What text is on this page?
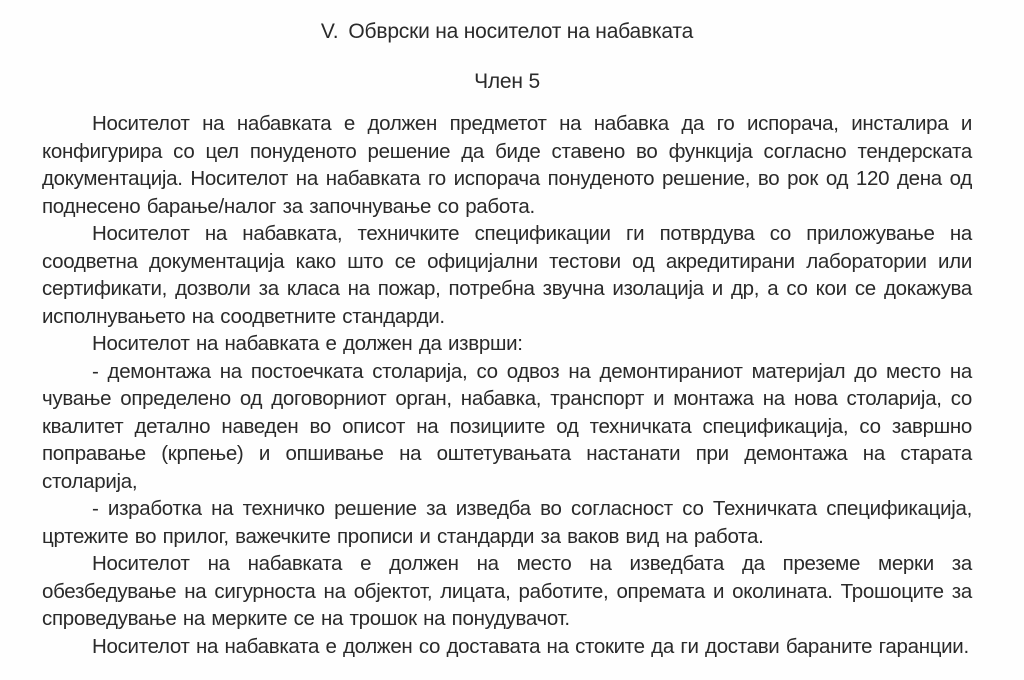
V. Обврски на носителот на набавката
Член 5

Носителот на набавката е должен предметот на набавка да го испорача, инсталира и конфигурира со цел понуденото решение да биде ставено во функција согласно тендерската документација. Носителот на набавката го испорача понуденото решение, во рок од 120 дена од поднесено барање/налог за започнување со работа.

Носителот на набавката, техничките спецификации ги потврдува со приложување на соодветна документација како што се официјални тестови од акредитирани лаборатории или сертификати, дозволи за класа на пожар, потребна звучна изолација и др, а со кои се докажува исполнувањето на соодветните стандарди.

Носителот на набавката е должен да изврши:

- демонтажа на постоечката столарија, со одвоз на демонтираниот материјал до место на чување определено од договорниот орган, набавка, транспорт и монтажа на нова столарија, со квалитет детално наведен во описот на позициите од техничката спецификација, со завршно поправање (крпење) и опшивање на оштетувањата настанати при демонтажа на старата столарија,

- изработка на техничко решение за изведба во согласност со Техничката спецификација, цртежите во прилог, важечките прописи и стандарди за ваков вид на работа.

Носителот на набавката е должен на место на изведбата да преземе мерки за обезбедување на сигурноста на објектот, лицата, работите, опремата и околината. Трошоците за спроведување на мерките се на трошок на понудувачот.

Носителот на набавката е должен со доставата на стоките да ги достави бараните гаранции.
